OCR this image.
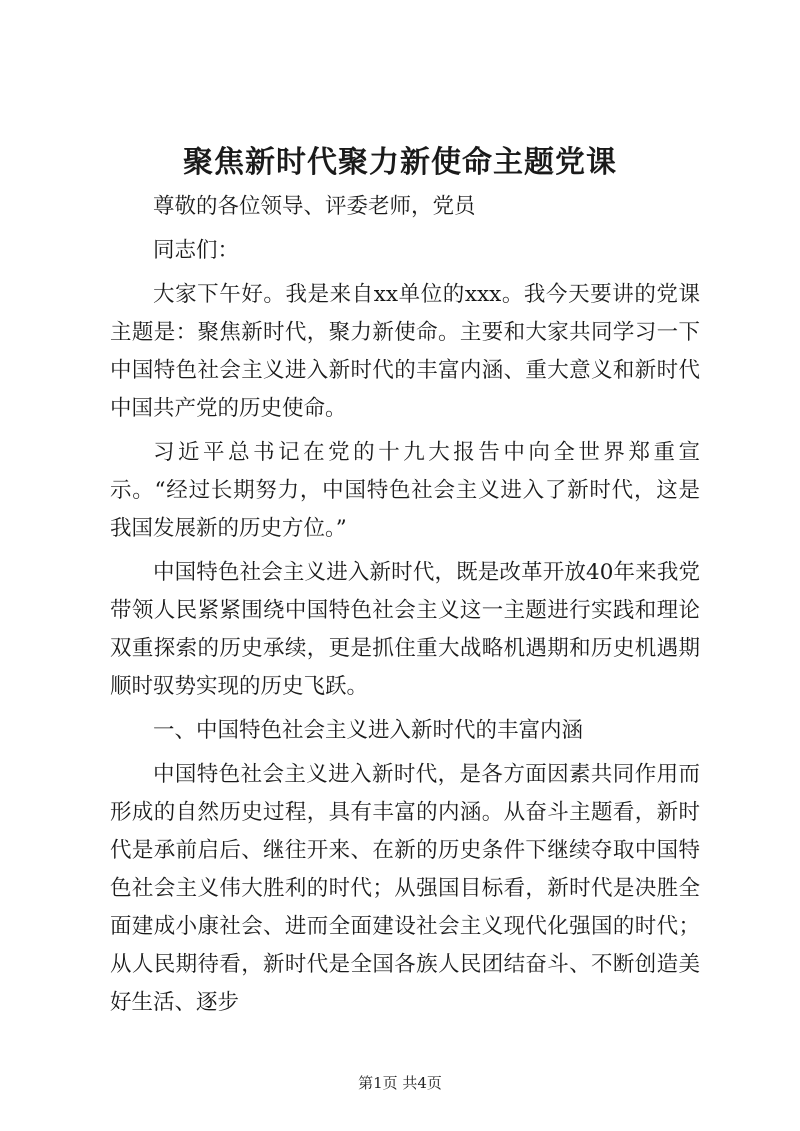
聚焦新时代聚力新使命主题党课

尊敬的各位领导、评委老师，党员

同志们：

大家下午好。我是来自xx单位的xxx。我今天要讲的党课主题是：聚焦新时代，聚力新使命。主要和大家共同学习一下中国特色社会主义进入新时代的丰富内涵、重大意义和新时代中国共产党的历史使命。

习近平总书记在党的十九大报告中向全世界郑重宣示。“经过长期努力，中国特色社会主义进入了新时代，这是我国发展新的历史方位。”

中国特色社会主义进入新时代，既是改革开放40年来我党带领人民紧紧围绕中国特色社会主义这一主题进行实践和理论双重探索的历史承续，更是抓住重大战略机遇期和历史机遇期顺时驭势实现的历史飞跃。

一、中国特色社会主义进入新时代的丰富内涵

中国特色社会主义进入新时代，是各方面因素共同作用而形成的自然历史过程，具有丰富的内涵。从奋斗主题看，新时代是承前启后、继往开来、在新的历史条件下继续夺取中国特色社会主义伟大胜利的时代；从强国目标看，新时代是决胜全面建成小康社会、进而全面建设社会主义现代化强国的时代；从人民期待看，新时代是全国各族人民团结奋斗、不断创造美好生活、逐步

第1页 共4页
